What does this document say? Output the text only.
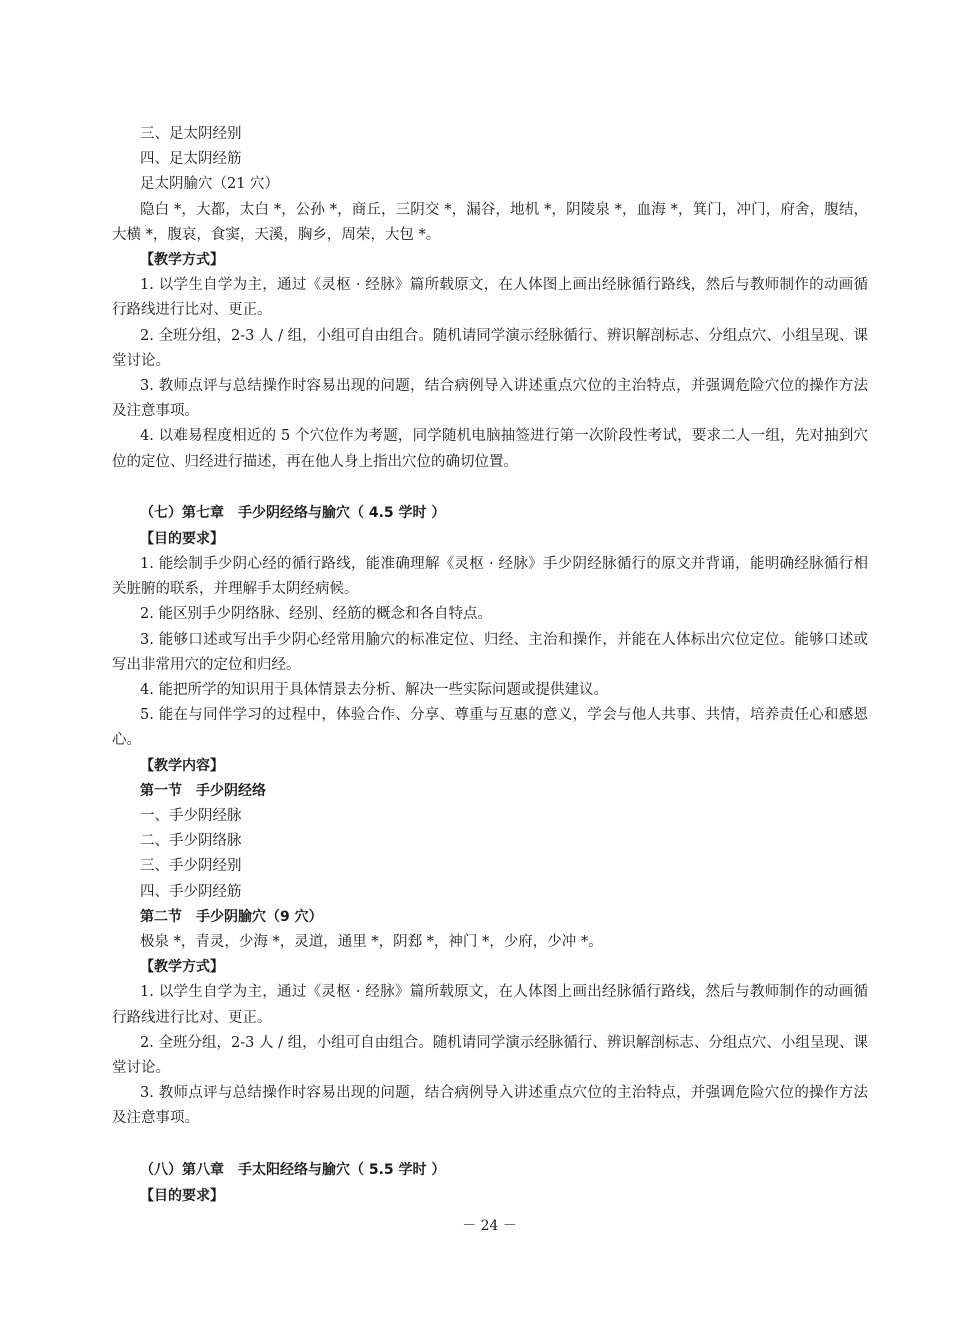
三、足太阴经别
四、足太阴经筋
足太阴腧穴（21 穴）
隐白 *，大都，太白 *，公孙 *，商丘，三阴交 *，漏谷，地机 *，阴陵泉 *，血海 *，箕门，冲门，府舍，腹结，大横 *，腹哀，食窦，天溪，胸乡，周荣，大包 *。
【教学方式】
1. 以学生自学为主，通过《灵枢 · 经脉》篇所载原文，在人体图上画出经脉循行路线，然后与教师制作的动画循行路线进行比对、更正。
2. 全班分组，2-3 人 / 组，小组可自由组合。随机请同学演示经脉循行、辨识解剖标志、分组点穴、小组呈现、课堂讨论。
3. 教师点评与总结操作时容易出现的问题，结合病例导入讲述重点穴位的主治特点，并强调危险穴位的操作方法及注意事项。
4. 以难易程度相近的 5 个穴位作为考题，同学随机电脑抽签进行第一次阶段性考试，要求二人一组，先对抽到穴位的定位、归经进行描述，再在他人身上指出穴位的确切位置。
（七）第七章　手少阴经络与腧穴（ 4.5 学时 ）
【目的要求】
1. 能绘制手少阴心经的循行路线，能准确理解《灵枢 · 经脉》手少阴经脉循行的原文并背诵，能明确经脉循行相关脏腑的联系，并理解手太阴经病候。
2. 能区别手少阴络脉、经别、经筋的概念和各自特点。
3. 能够口述或写出手少阴心经常用腧穴的标准定位、归经、主治和操作，并能在人体标出穴位定位。能够口述或写出非常用穴的定位和归经。
4. 能把所学的知识用于具体情景去分析、解决一些实际问题或提供建议。
5. 能在与同伴学习的过程中，体验合作、分享、尊重与互惠的意义，学会与他人共事、共情，培养责任心和感恩心。
【教学内容】
第一节　手少阴经络
一、手少阴经脉
二、手少阴络脉
三、手少阴经别
四、手少阴经筋
第二节　手少阴腧穴（9 穴）
极泉 *，青灵，少海 *，灵道，通里 *，阴郄 *，神门 *，少府，少冲 *。
【教学方式】
1. 以学生自学为主，通过《灵枢 · 经脉》篇所载原文，在人体图上画出经脉循行路线，然后与教师制作的动画循行路线进行比对、更正。
2. 全班分组，2-3 人 / 组，小组可自由组合。随机请同学演示经脉循行、辨识解剖标志、分组点穴、小组呈现、课堂讨论。
3. 教师点评与总结操作时容易出现的问题，结合病例导入讲述重点穴位的主治特点，并强调危险穴位的操作方法及注意事项。
（八）第八章　手太阳经络与腧穴（ 5.5 学时 ）
【目的要求】
－ 24 －
